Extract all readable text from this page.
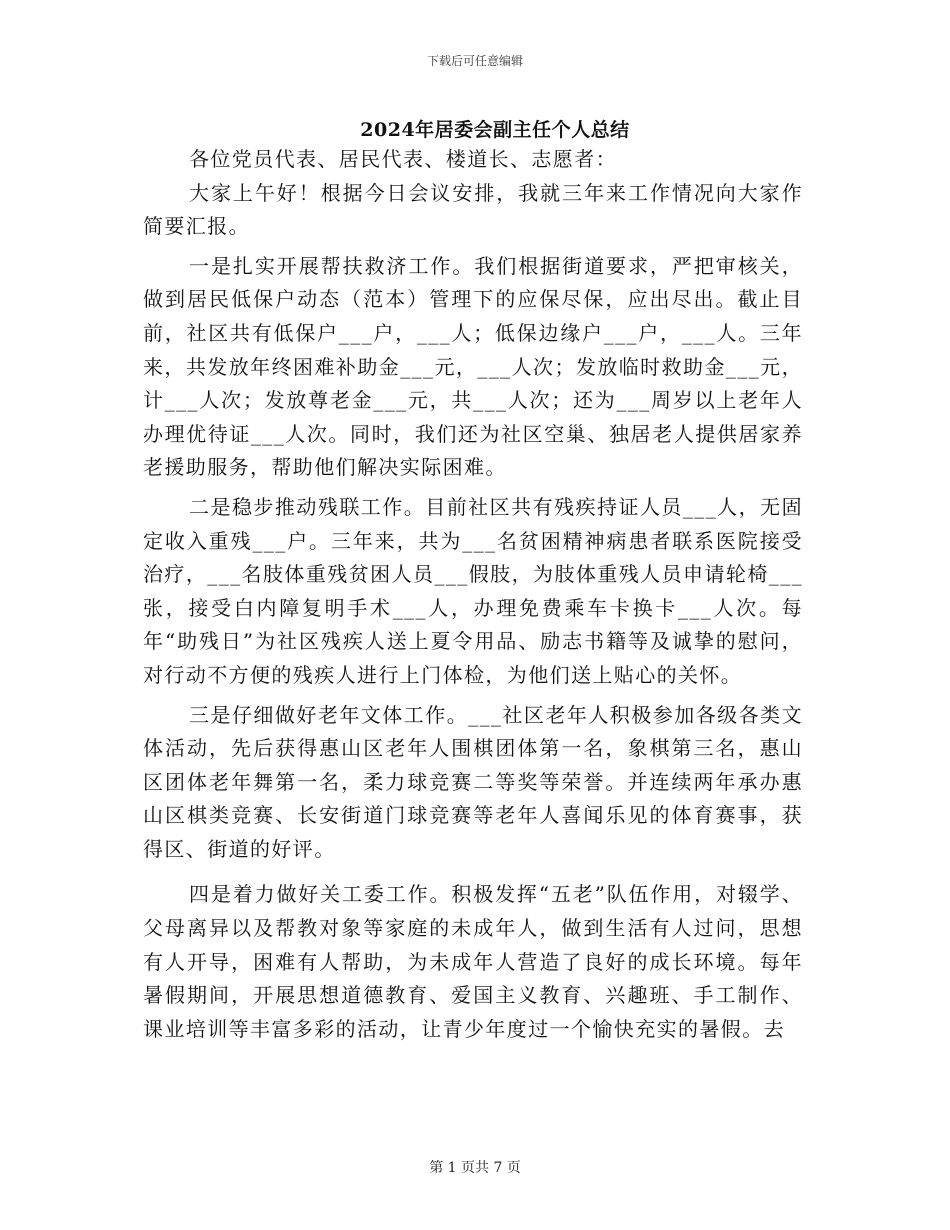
下载后可任意编辑
2024年居委会副主任个人总结

各位党员代表、居民代表、楼道长、志愿者：

大家上午好！根据今日会议安排，我就三年来工作情况向大家作简要汇报。

一是扎实开展帮扶救济工作。我们根据街道要求，严把审核关，做到居民低保户动态（范本）管理下的应保尽保，应出尽出。截止目前，社区共有低保户___户，___人；低保边缘户___户，___人。三年来，共发放年终困难补助金___元，___人次；发放临时救助金___元，计___人次；发放尊老金___元，共___人次；还为___周岁以上老年人办理优待证___人次。同时，我们还为社区空巢、独居老人提供居家养老援助服务，帮助他们解决实际困难。

二是稳步推动残联工作。目前社区共有残疾持证人员___人，无固定收入重残___户。三年来，共为___名贫困精神病患者联系医院接受治疗，___名肢体重残贫困人员___假肢，为肢体重残人员申请轮椅___张，接受白内障复明手术___人，办理免费乘车卡换卡___人次。每年“助残日”为社区残疾人送上夏令用品、励志书籍等及诚挚的慰问，对行动不方便的残疾人进行上门体检，为他们送上贴心的关怀。

三是仔细做好老年文体工作。___社区老年人积极参加各级各类文体活动，先后获得惠山区老年人围棋团体第一名，象棋第三名，惠山区团体老年舞第一名，柔力球竞赛二等奖等荣誉。并连续两年承办惠山区棋类竞赛、长安街道门球竞赛等老年人喜闻乐见的体育赛事，获得区、街道的好评。

四是着力做好关工委工作。积极发挥“五老”队伍作用，对辍学、父母离异以及帮教对象等家庭的未成年人，做到生活有人过问，思想有人开导，困难有人帮助，为未成年人营造了良好的成长环境。每年暑假期间，开展思想道德教育、爱国主义教育、兴趣班、手工制作、课业培训等丰富多彩的活动，让青少年度过一个愉快充实的暑假。去

第 1 页共 7 页
